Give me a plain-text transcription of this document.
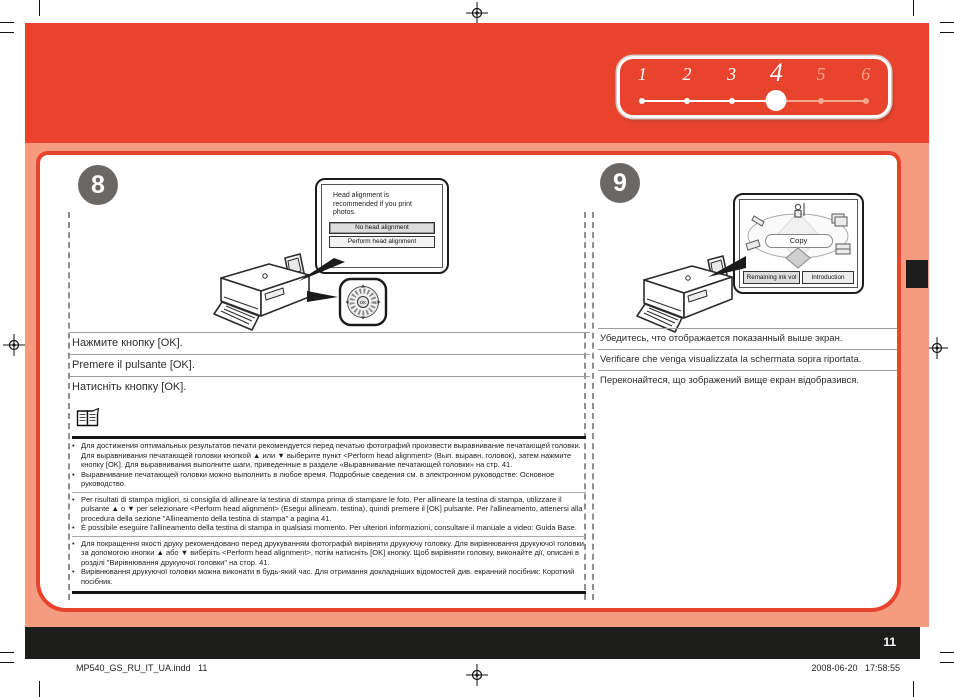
1	2	3	4	5	6
8	Head alignment is recommended if you print photos.
No head alignment
Perform head alignment
OK
Нажмите кнопку [OK].
Premere il pulsante [OK].
Натисніть кнопку [OK].
• Для достижения оптимальных результатов печати рекомендуется перед печатью фотографий произвести выравнивание печатающей головки. Для выравнивания печатающей головки кнопкой ▲ или ▼ выберите пункт <Perform head alignment> (Вып. выравн. головок), затем нажмите кнопку [OK]. Для выравнивания выполните шаги, приведенные в разделе «Выравнивание печатающей головки» на стр. 41.
• Выравнивание печатающей головки можно выполнить в любое время. Подробные сведения см. в электронном руководстве: Основное руководство.
• Per risultati di stampa migliori, si consiglia di allineare la testina di stampa prima di stampare le foto. Per allineare la testina di stampa, utilizzare il pulsante ▲ o ▼ per selezionare <Perform head alignment> (Esegui allineam. testina), quindi premere il [OK] pulsante. Per l'allineamento, attenersi alla procedura della sezione "Allineamento della testina di stampa" a pagina 41.
• È possibile eseguire l'allineamento della testina di stampa in qualsiasi momento. Per ulteriori informazioni, consultare il manuale a video: Guida Base.
• Для покращення якості друку рекомендовано перед друкуванням фотографій вирівняти друкуючу головку. Для вирівнювання друкуючої головки за допомогою кнопки ▲ або ▼ виберіть <Perform head alignment>, потім натисніть [OK] кнопку. Щоб вирівняти головку, виконайте дії, описані в розділі "Вирівнювання друкуючої головки" на стор. 41.
• Вирівнювання друкуючої головки можна виконати в будь-який час. Для отримання докладніших відомостей див. екранний посібник: Короткий посібник.
9
Copy
Remaining ink vol	Introduction
Убедитесь, что отображается показанный выше экран.
Verificare che venga visualizzata la schermata sopra riportata.
Переконайтеся, що зображений вище екран відобразився.
11
MP540_GS_RU_IT_UA.indd   11	2008-06-20   17:58:55
